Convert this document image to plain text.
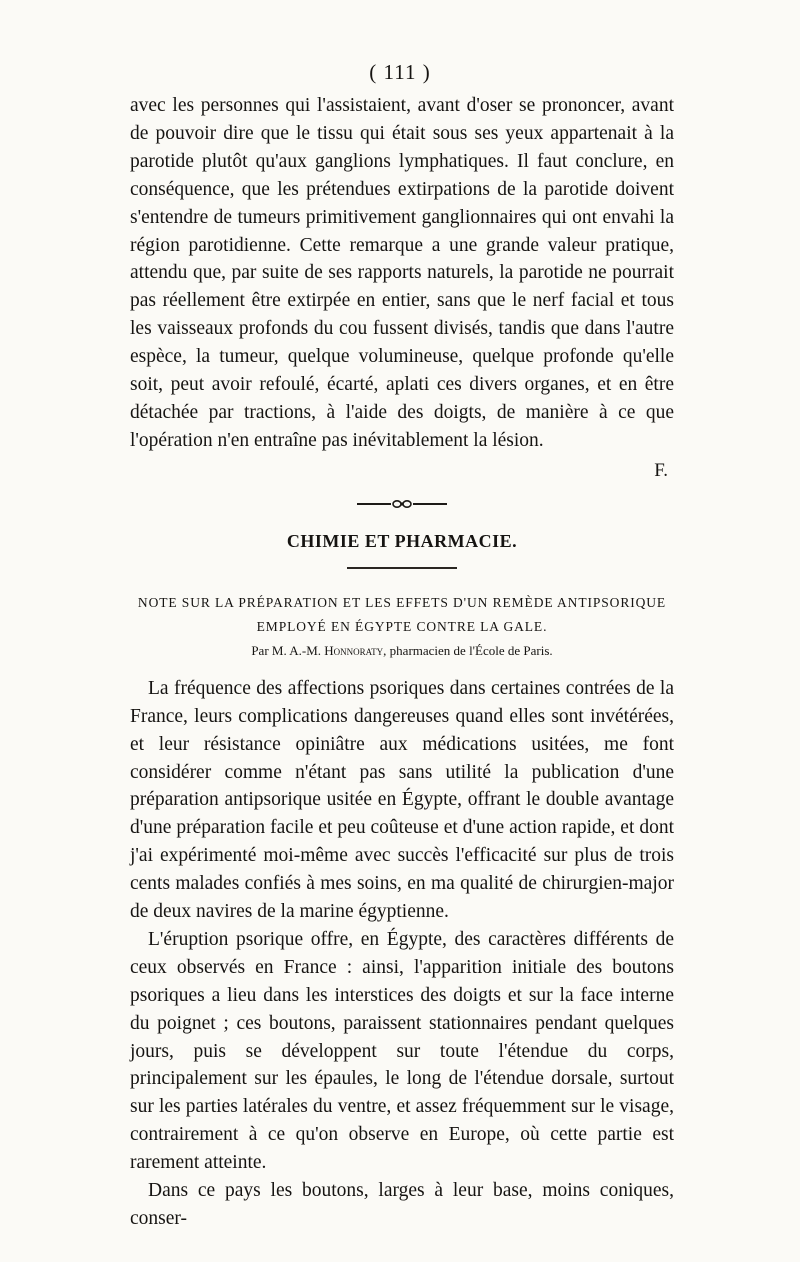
( 111 )

avec les personnes qui l'assistaient, avant d'oser se prononcer, avant de pouvoir dire que le tissu qui était sous ses yeux appartenait à la parotide plutôt qu'aux ganglions lymphatiques. Il faut conclure, en conséquence, que les prétendues extirpations de la parotide doivent s'entendre de tumeurs primitivement ganglionnaires qui ont envahi la région parotidienne. Cette remarque a une grande valeur pratique, attendu que, par suite de ses rapports naturels, la parotide ne pourrait pas réellement être extirpée en entier, sans que le nerf facial et tous les vaisseaux profonds du cou fussent divisés, tandis que dans l'autre espèce, la tumeur, quelque volumineuse, quelque profonde qu'elle soit, peut avoir refoulé, écarté, aplati ces divers organes, et en être détachée par tractions, à l'aide des doigts, de manière à ce que l'opération n'en entraîne pas inévitablement la lésion.

F.

CHIMIE ET PHARMACIE.
NOTE SUR LA PRÉPARATION ET LES EFFETS D'UN REMÈDE ANTIPSORIQUE
EMPLOYÉ EN ÉGYPTE CONTRE LA GALE.
Par M. A.-M. Honnoraty, pharmacien de l'École de Paris.

La fréquence des affections psoriques dans certaines contrées de la France, leurs complications dangereuses quand elles sont invétérées, et leur résistance opiniâtre aux médications usitées, me font considérer comme n'étant pas sans utilité la publication d'une préparation antipsorique usitée en Égypte, offrant le double avantage d'une préparation facile et peu coûteuse et d'une action rapide, et dont j'ai expérimenté moi-même avec succès l'efficacité sur plus de trois cents malades confiés à mes soins, en ma qualité de chirurgien-major de deux navires de la marine égyptienne.

L'éruption psorique offre, en Égypte, des caractères différents de ceux observés en France : ainsi, l'apparition initiale des boutons psoriques a lieu dans les interstices des doigts et sur la face interne du poignet ; ces boutons, paraissent stationnaires pendant quelques jours, puis se développent sur toute l'étendue du corps, principalement sur les épaules, le long de l'étendue dorsale, surtout sur les parties latérales du ventre, et assez fréquemment sur le visage, contrairement à ce qu'on observe en Europe, où cette partie est rarement atteinte.

Dans ce pays les boutons, larges à leur base, moins coniques, conser-
